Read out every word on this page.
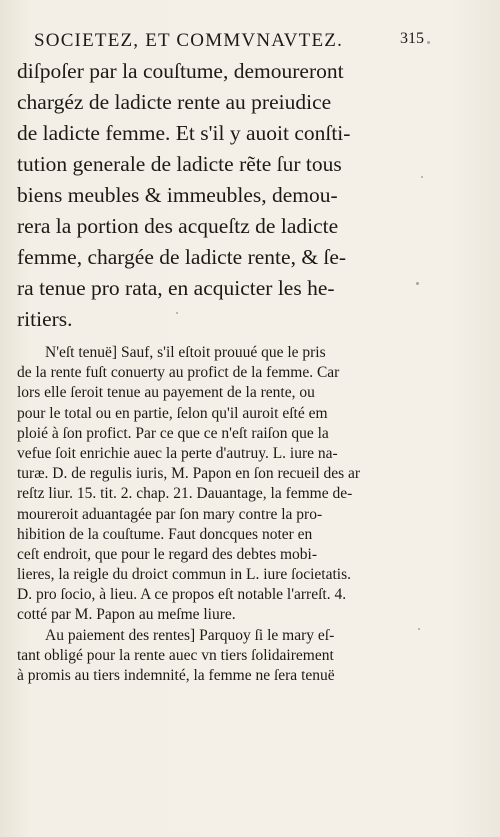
SOCIETEZ, ET COMMVNAVTEZ.	315
diſpoſer par la couſtume, demoureront
chargéz de ladicte rente au preiudice
de ladicte femme. Et s'il y auoit conſti-
tution generale de ladicte rẽte ſur tous
biens meubles & immeubles, demou-
rera la portion des acqueſtz de ladicte
femme, chargée de ladicte rente, & ſe-
ra tenue pro rata, en acquicter les he-
ritiers.
N'eſt tenuë] Sauf, s'il eſtoit prouué que le pris
de la rente fuſt conuerty au profict de la femme. Car
lors elle ſeroit tenue au payement de la rente, ou
pour le total ou en partie, ſelon qu'il auroit eſté em
ploié à ſon profict. Par ce que ce n'eſt raiſon que la
vefue ſoit enrichie auec la perte d'autruy. L. iure na-
turæ. D. de regulis iuris, M. Papon en ſon recueil des ar
reſtz liur. 15. tit. 2. chap. 21. Dauantage, la femme de-
moureroit aduantagée par ſon mary contre la pro-
hibition de la couſtume. Faut doncques noter en
ceſt endroit, que pour le regard des debtes mobi-
lieres, la reigle du droict commun in L. iure ſocietatis.
D. pro ſocio, à lieu. A ce propos eſt notable l'arreſt. 4.
cotté par M. Papon au meſme liure.
Au paiement des rentes] Parquoy ſi le mary eſ-
tant obligé pour la rente auec vn tiers ſolidairement
à promis au tiers indemnité, la femme ne ſera tenuë
